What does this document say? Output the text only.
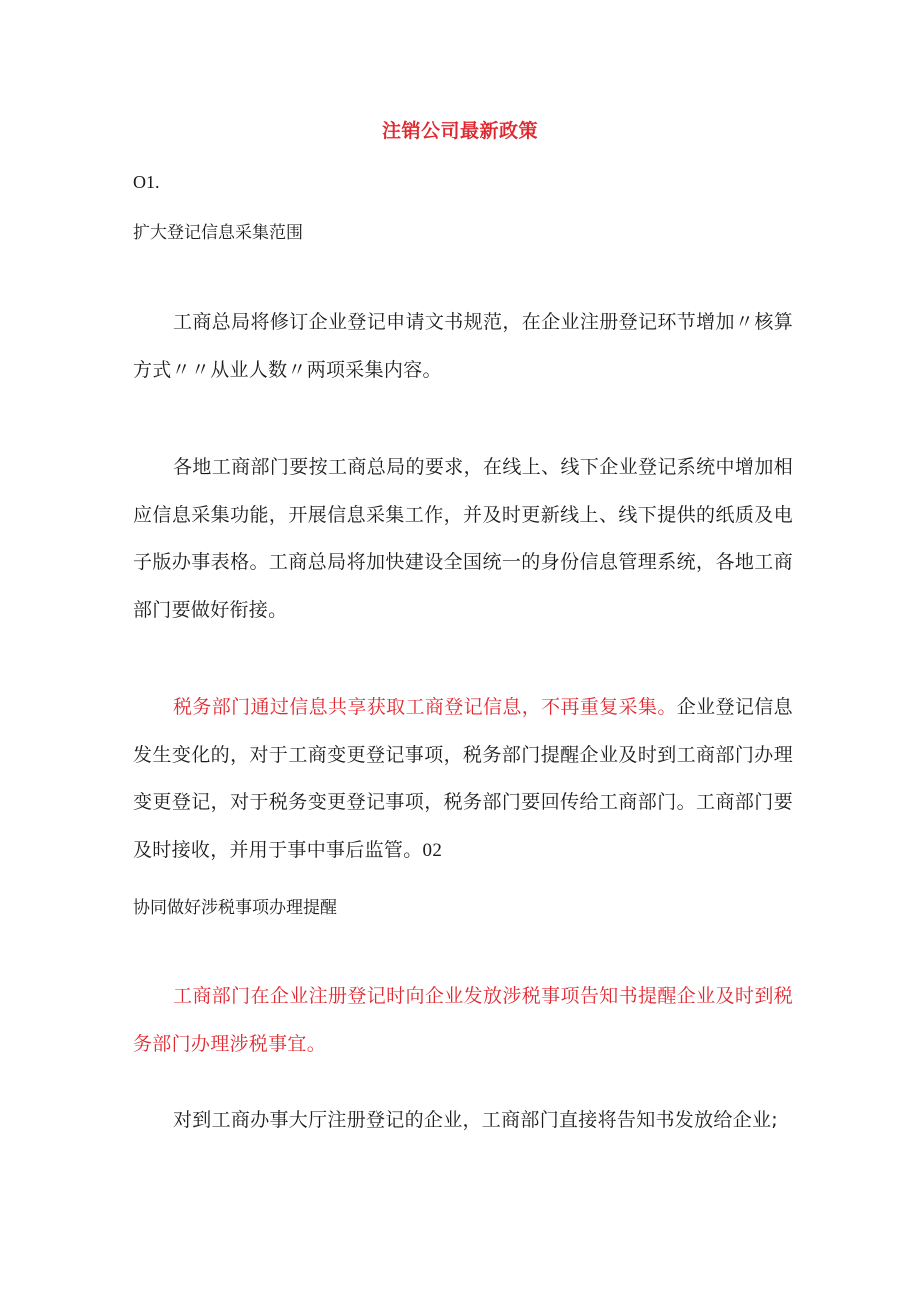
注销公司最新政策
O1.
扩大登记信息采集范围

工商总局将修订企业登记申请文书规范，在企业注册登记环节增加〃核算方式〃〃从业人数〃两项采集内容。

各地工商部门要按工商总局的要求，在线上、线下企业登记系统中增加相应信息采集功能，开展信息采集工作，并及时更新线上、线下提供的纸质及电子版办事表格。工商总局将加快建设全国统一的身份信息管理系统，各地工商部门要做好衔接。

税务部门通过信息共享获取工商登记信息，不再重复采集。企业登记信息发生变化的，对于工商变更登记事项，税务部门提醒企业及时到工商部门办理变更登记，对于税务变更登记事项，税务部门要回传给工商部门。工商部门要及时接收，并用于事中事后监管。02

协同做好涉税事项办理提醒

工商部门在企业注册登记时向企业发放涉税事项告知书提醒企业及时到税务部门办理涉税事宜。

对到工商办事大厅注册登记的企业，工商部门直接将告知书发放给企业;
